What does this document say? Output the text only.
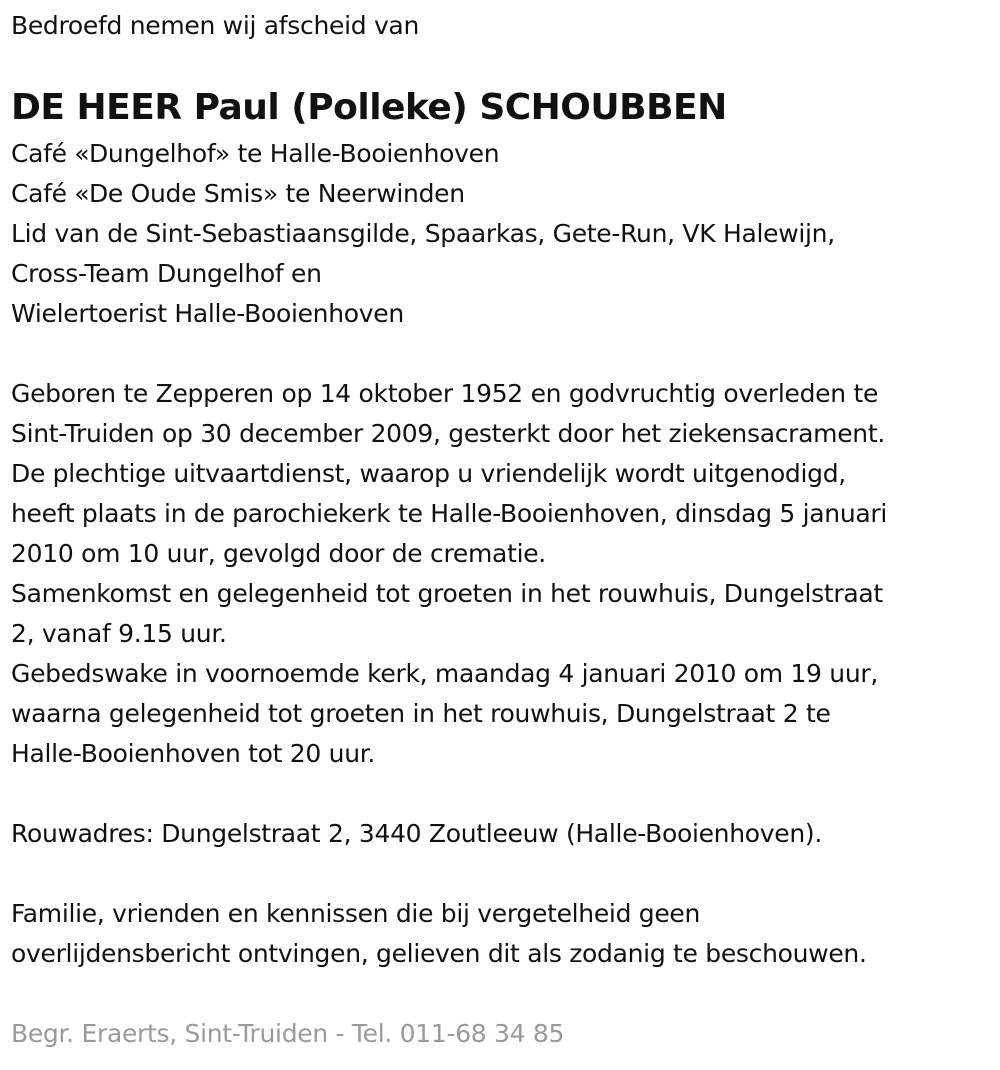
Bedroefd nemen wij afscheid van
DE HEER Paul (Polleke) SCHOUBBEN
Café «Dungelhof» te Halle-Booienhoven
Café «De Oude Smis» te Neerwinden
Lid van de Sint-Sebastiaansgilde, Spaarkas, Gete-Run, VK Halewijn,
Cross-Team Dungelhof en
Wielertoerist Halle-Booienhoven
Geboren te Zepperen op 14 oktober 1952 en godvruchtig overleden te
Sint-Truiden op 30 december 2009, gesterkt door het ziekensacrament.
De plechtige uitvaartdienst, waarop u vriendelijk wordt uitgenodigd,
heeft plaats in de parochiekerk te Halle-Booienhoven, dinsdag 5 januari
2010 om 10 uur, gevolgd door de crematie.
Samenkomst en gelegenheid tot groeten in het rouwhuis, Dungelstraat
2, vanaf 9.15 uur.
Gebedswake in voornoemde kerk, maandag 4 januari 2010 om 19 uur,
waarna gelegenheid tot groeten in het rouwhuis, Dungelstraat 2 te
Halle-Booienhoven tot 20 uur.
Rouwadres: Dungelstraat 2, 3440 Zoutleeuw (Halle-Booienhoven).
Familie, vrienden en kennissen die bij vergetelheid geen
overlijdensbericht ontvingen, gelieven dit als zodanig te beschouwen.
Begr. Eraerts, Sint-Truiden - Tel. 011-68 34 85
